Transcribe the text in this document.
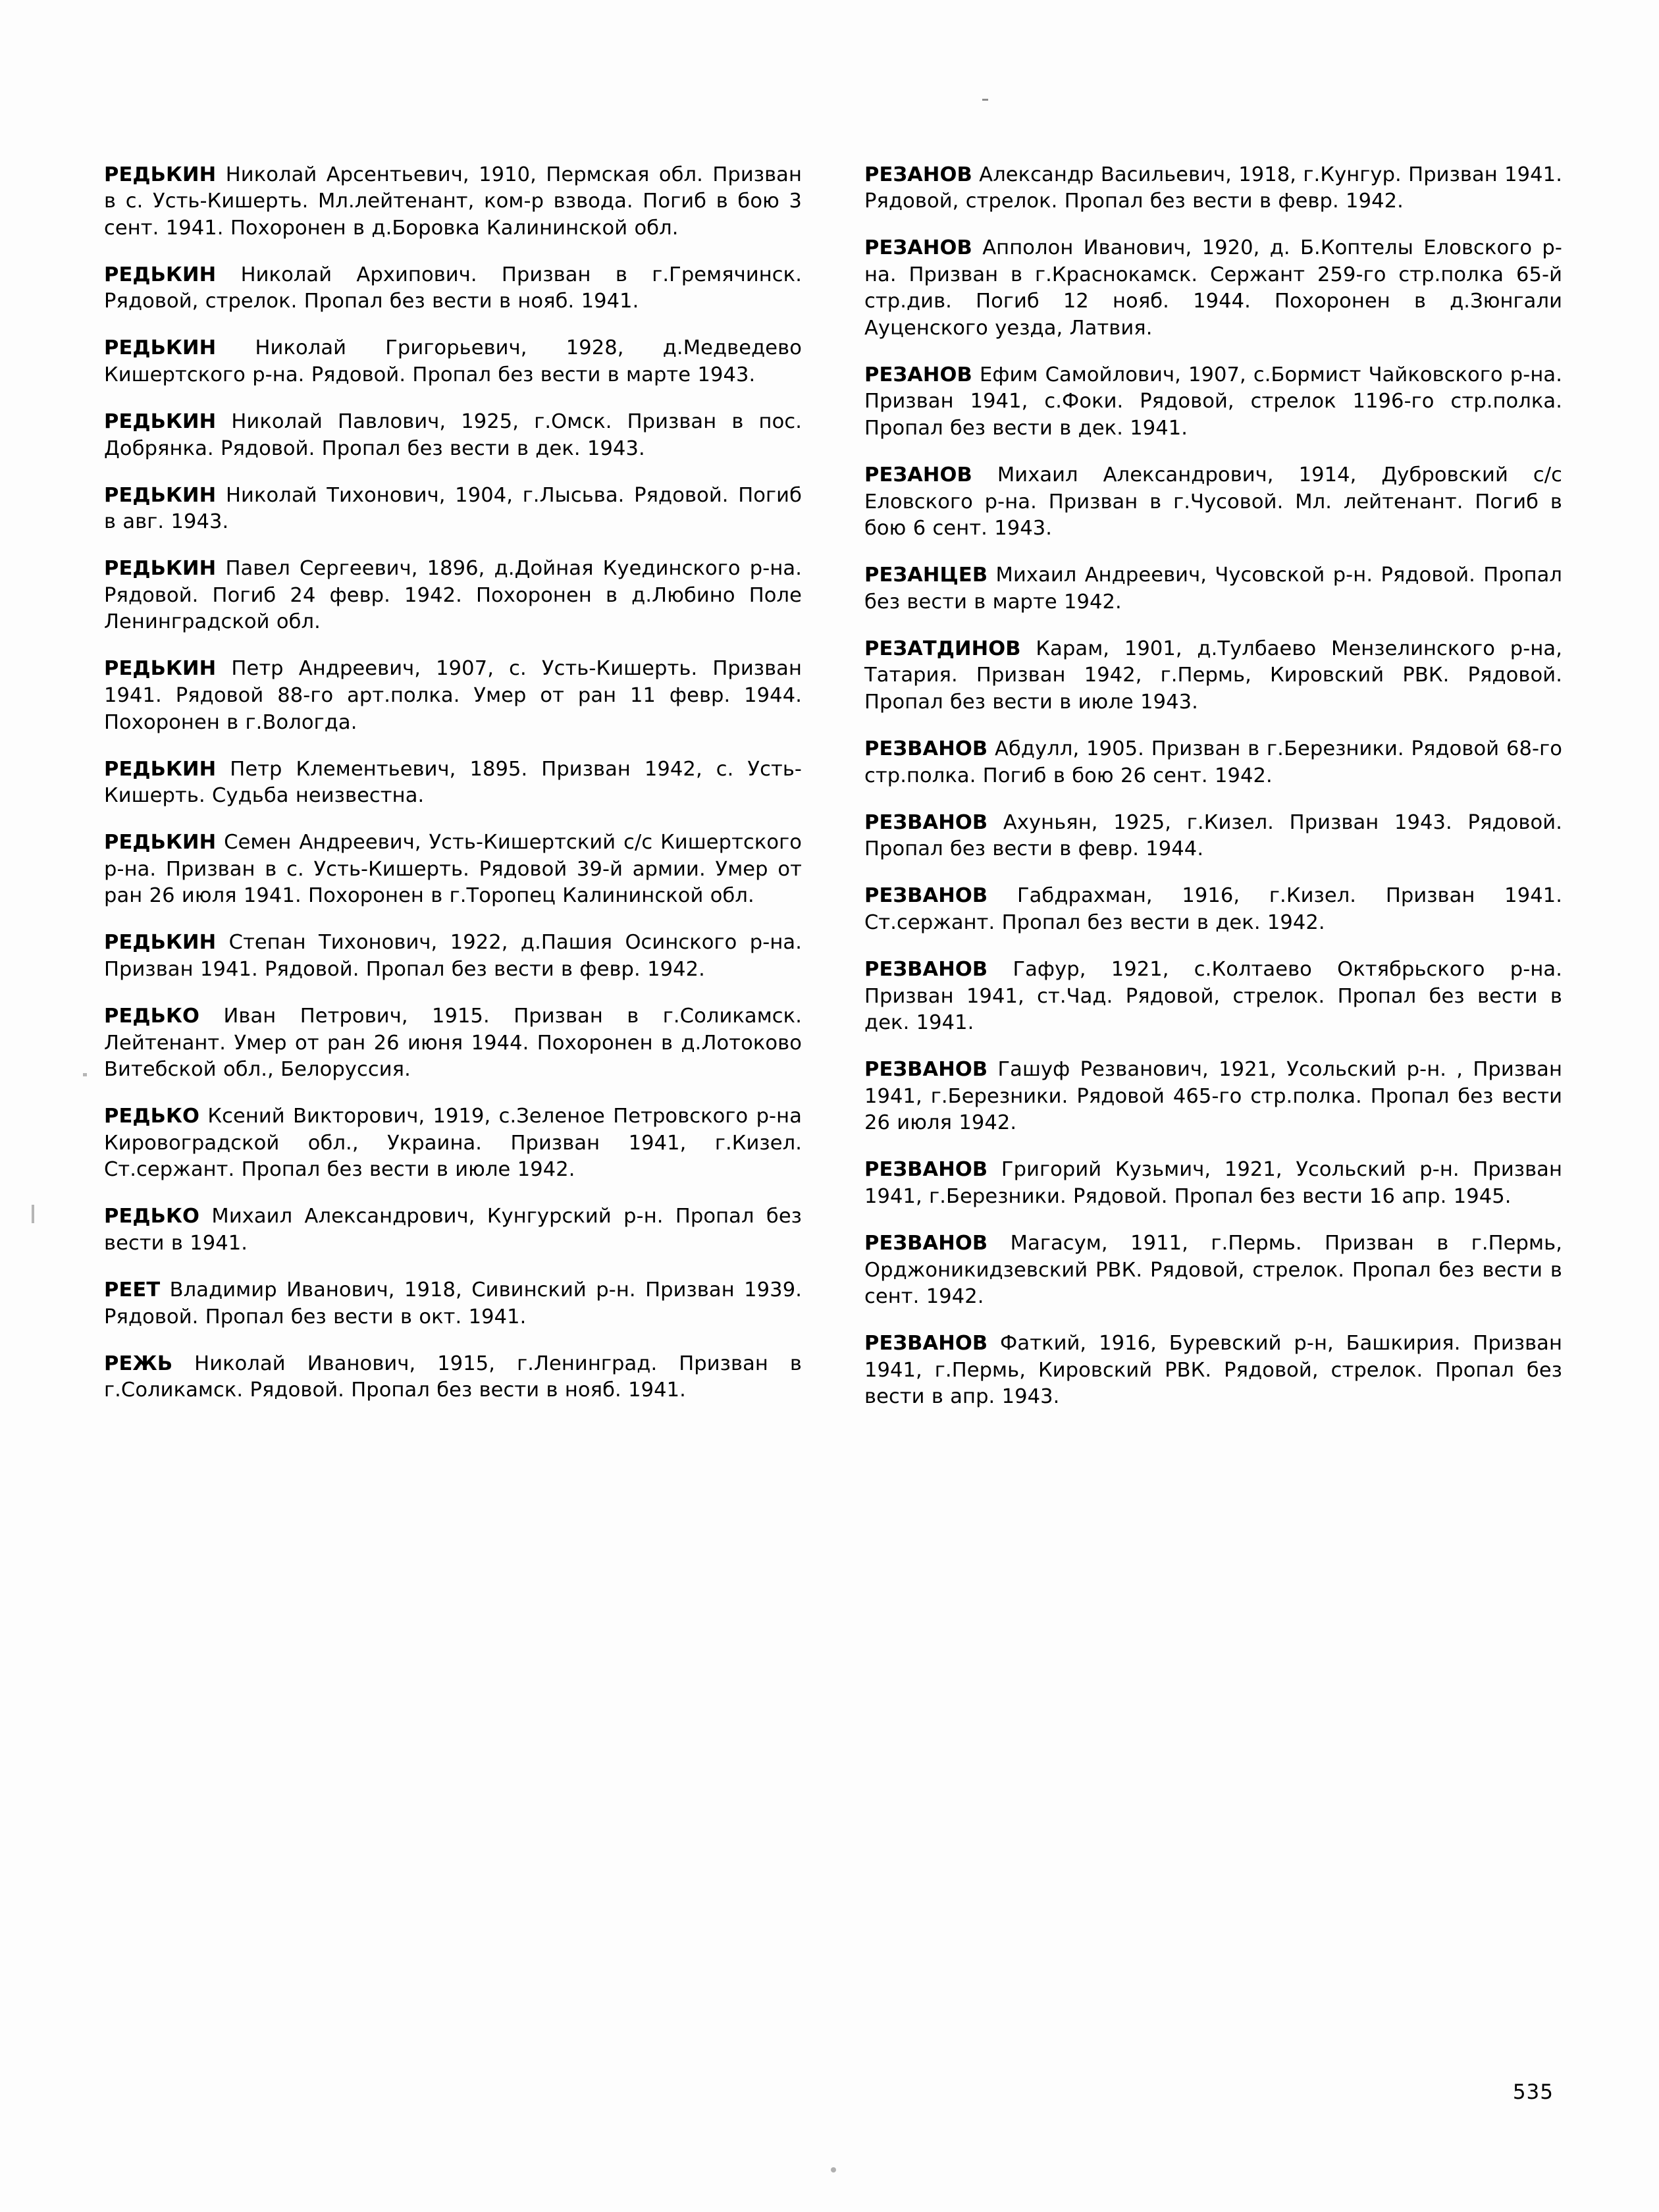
РЕДЬКИН Николай Арсентьевич, 1910, Пермская обл. Призван в с. Усть-Кишерть. Мл.лейтенант, ком-р взвода. Погиб в бою 3 сент. 1941. Похоронен в д.Боровка Калининской обл.

РЕДЬКИН Николай Архипович. Призван в г.Гремячинск. Рядовой, стрелок. Пропал без вести в нояб. 1941.

РЕДЬКИН Николай Григорьевич, 1928, д.Медведево Кишертского р-на. Рядовой. Пропал без вести в марте 1943.

РЕДЬКИН Николай Павлович, 1925, г.Омск. Призван в пос. Добрянка. Рядовой. Пропал без вести в дек. 1943.

РЕДЬКИН Николай Тихонович, 1904, г.Лысьва. Рядовой. Погиб в авг. 1943.

РЕДЬКИН Павел Сергеевич, 1896, д.Дойная Куединского р-на. Рядовой. Погиб 24 февр. 1942. Похоронен в д.Любино Поле Ленинградской обл.

РЕДЬКИН Петр Андреевич, 1907, с. Усть-Кишерть. Призван 1941. Рядовой 88-го арт.полка. Умер от ран 11 февр. 1944. Похоронен в г.Вологда.

РЕДЬКИН Петр Клементьевич, 1895. Призван 1942, с. Усть-Кишерть. Судьба неизвестна.

РЕДЬКИН Семен Андреевич, Усть-Кишертский с/с Кишертского р-на. Призван в с. Усть-Кишерть. Рядовой 39-й армии. Умер от ран 26 июля 1941. Похоронен в г.Торопец Калининской обл.

РЕДЬКИН Степан Тихонович, 1922, д.Пашия Осинского р-на. Призван 1941. Рядовой. Пропал без вести в февр. 1942.

РЕДЬКО Иван Петрович, 1915. Призван в г.Соликамск. Лейтенант. Умер от ран 26 июня 1944. Похоронен в д.Лотоково Витебской обл., Белоруссия.

РЕДЬКО Ксений Викторович, 1919, с.Зеленое Петровского р-на Кировоградской обл., Украина. Призван 1941, г.Кизел. Ст.сержант. Пропал без вести в июле 1942.

РЕДЬКО Михаил Александрович, Кунгурский р-н. Пропал без вести в 1941.

РЕЕТ Владимир Иванович, 1918, Сивинский р-н. Призван 1939. Рядовой. Пропал без вести в окт. 1941.

РЕЖЬ Николай Иванович, 1915, г.Ленинград. Призван в г.Соликамск. Рядовой. Пропал без вести в нояб. 1941.

РЕЗАНОВ Александр Васильевич, 1918, г.Кунгур. Призван 1941. Рядовой, стрелок. Пропал без вести в февр. 1942.

РЕЗАНОВ Апполон Иванович, 1920, д. Б.Коптелы Еловского р-на. Призван в г.Краснокамск. Сержант 259-го стр.полка 65-й стр.див. Погиб 12 нояб. 1944. Похоронен в д.Зюнгали Ауценского уезда, Латвия.

РЕЗАНОВ Ефим Самойлович, 1907, с.Бормист Чайковского р-на. Призван 1941, с.Фоки. Рядовой, стрелок 1196-го стр.полка. Пропал без вести в дек. 1941.

РЕЗАНОВ Михаил Александрович, 1914, Дубровский с/с Еловского р-на. Призван в г.Чусовой. Мл. лейтенант. Погиб в бою 6 сент. 1943.

РЕЗАНЦЕВ Михаил Андреевич, Чусовской р-н. Рядовой. Пропал без вести в марте 1942.

РЕЗАТДИНОВ Карам, 1901, д.Тулбаево Мензелинского р-на, Татария. Призван 1942, г.Пермь, Кировский РВК. Рядовой. Пропал без вести в июле 1943.

РЕЗВАНОВ Абдулл, 1905. Призван в г.Березники. Рядовой 68-го стр.полка. Погиб в бою 26 сент. 1942.

РЕЗВАНОВ Ахуньян, 1925, г.Кизел. Призван 1943. Рядовой. Пропал без вести в февр. 1944.

РЕЗВАНОВ Габдрахман, 1916, г.Кизел. Призван 1941. Ст.сержант. Пропал без вести в дек. 1942.

РЕЗВАНОВ Гафур, 1921, с.Колтаево Октябрьского р-на. Призван 1941, ст.Чад. Рядовой, стрелок. Пропал без вести в дек. 1941.

РЕЗВАНОВ Гашуф Резванович, 1921, Усольский р-н. , Призван 1941, г.Березники. Рядовой 465-го стр.полка. Пропал без вести 26 июля 1942.

РЕЗВАНОВ Григорий Кузьмич, 1921, Усольский р-н. Призван 1941, г.Березники. Рядовой. Пропал без вести 16 апр. 1945.

РЕЗВАНОВ Магасум, 1911, г.Пермь. Призван в г.Пермь, Орджоникидзевский РВК. Рядовой, стрелок. Пропал без вести в сент. 1942.

РЕЗВАНОВ Фаткий, 1916, Буревский р-н, Башкирия. Призван 1941, г.Пермь, Кировский РВК. Рядовой, стрелок. Пропал без вести в апр. 1943.

535
